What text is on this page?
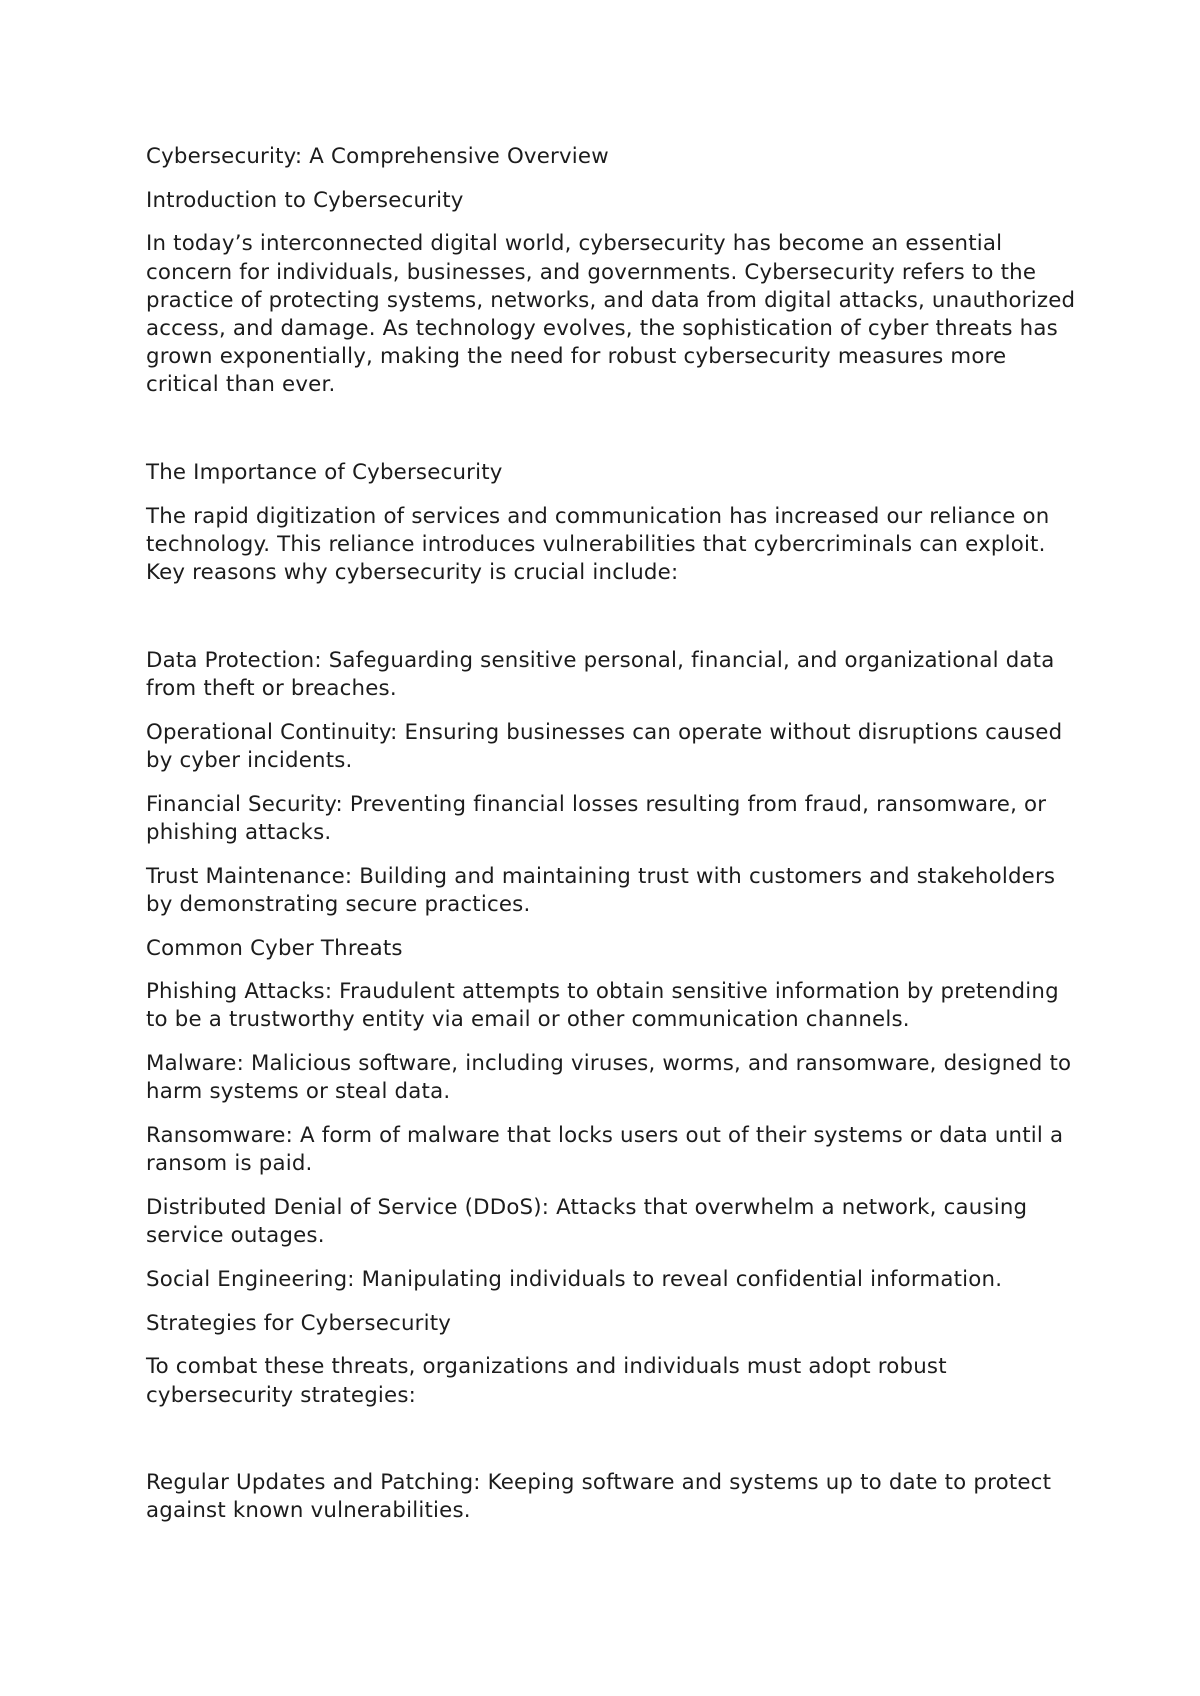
Cybersecurity: A Comprehensive Overview
Introduction to Cybersecurity
In today’s interconnected digital world, cybersecurity has become an essential concern for individuals, businesses, and governments. Cybersecurity refers to the practice of protecting systems, networks, and data from digital attacks, unauthorized access, and damage. As technology evolves, the sophistication of cyber threats has grown exponentially, making the need for robust cybersecurity measures more critical than ever.
The Importance of Cybersecurity
The rapid digitization of services and communication has increased our reliance on technology. This reliance introduces vulnerabilities that cybercriminals can exploit. Key reasons why cybersecurity is crucial include:
Data Protection: Safeguarding sensitive personal, financial, and organizational data from theft or breaches.
Operational Continuity: Ensuring businesses can operate without disruptions caused by cyber incidents.
Financial Security: Preventing financial losses resulting from fraud, ransomware, or phishing attacks.
Trust Maintenance: Building and maintaining trust with customers and stakeholders by demonstrating secure practices.
Common Cyber Threats
Phishing Attacks: Fraudulent attempts to obtain sensitive information by pretending to be a trustworthy entity via email or other communication channels.
Malware: Malicious software, including viruses, worms, and ransomware, designed to harm systems or steal data.
Ransomware: A form of malware that locks users out of their systems or data until a ransom is paid.
Distributed Denial of Service (DDoS): Attacks that overwhelm a network, causing service outages.
Social Engineering: Manipulating individuals to reveal confidential information.
Strategies for Cybersecurity
To combat these threats, organizations and individuals must adopt robust cybersecurity strategies:
Regular Updates and Patching: Keeping software and systems up to date to protect against known vulnerabilities.
